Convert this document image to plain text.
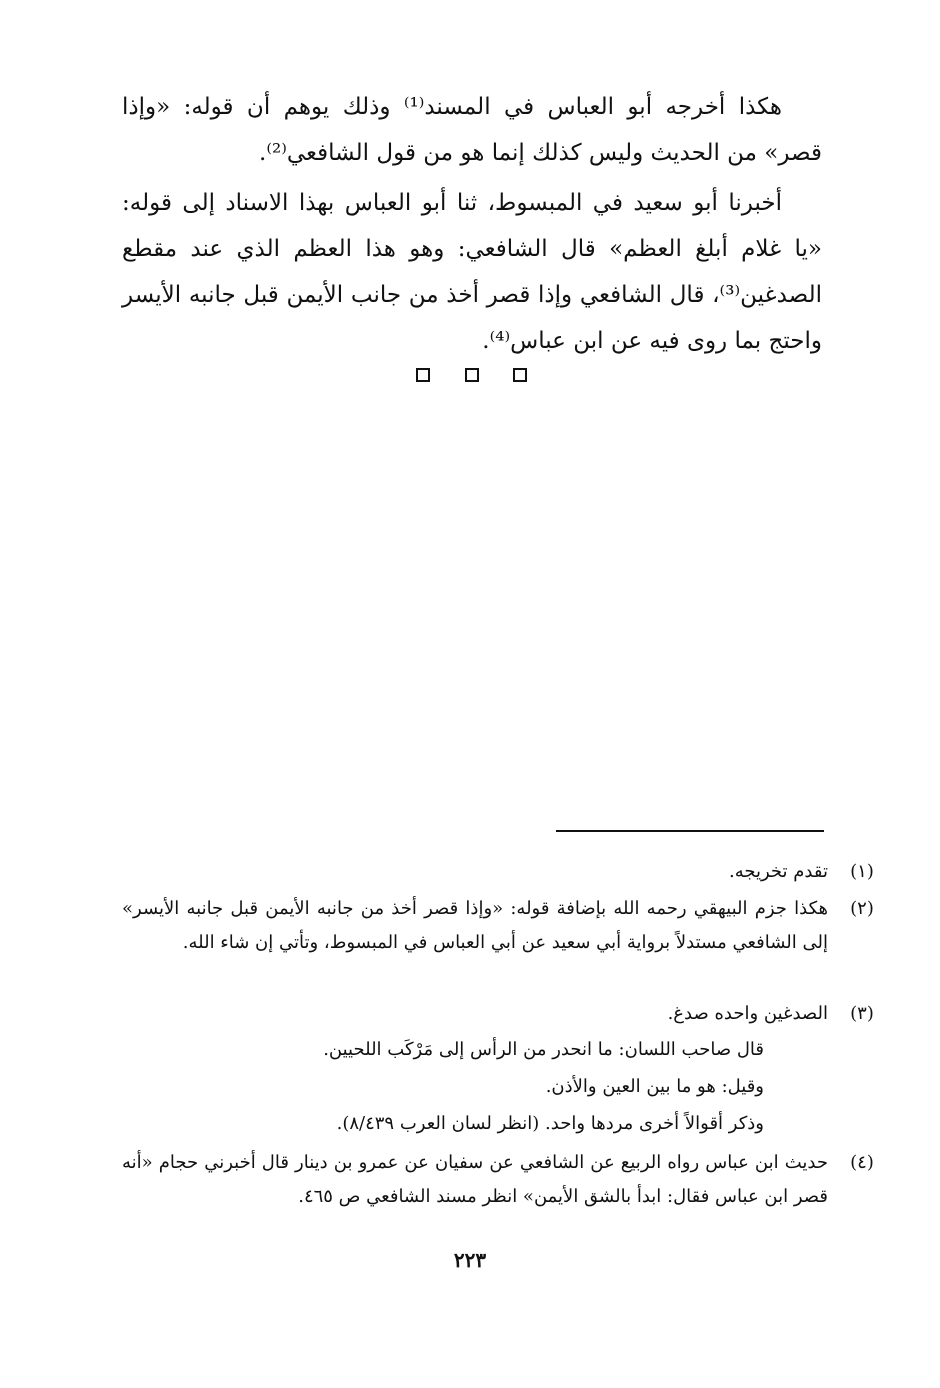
هكذا أخرجه أبو العباس في المسند⁽¹⁾ وذلك يوهم أن قوله: «وإذا قصر» من الحديث وليس كذلك إنما هو من قول الشافعي⁽²⁾.

أخبرنا أبو سعيد في المبسوط، ثنا أبو العباس بهذا الاسناد إلى قوله: «يا غلام أبلغ العظم» قال الشافعي: وهو هذا العظم الذي عند مقطع الصدغين⁽³⁾، قال الشافعي وإذا قصر أخذ من جانب الأيمن قبل جانبه الأيسر واحتج بما روى فيه عن ابن عباس⁽⁴⁾.

(١)

تقدم تخريجه.

(٢)

هكذا جزم البيهقي رحمه الله بإضافة قوله: «وإذا قصر أخذ من جانبه الأيمن قبل جانبه الأيسر» إلى الشافعي مستدلاً برواية أبي سعيد عن أبي العباس في المبسوط، وتأتي إن شاء الله.

(٣)

الصدغين واحده صدغ.

قال صاحب اللسان: ما انحدر من الرأس إلى مَرْكَب اللحيين.
وقيل: هو ما بين العين والأذن.
وذكر أقوالاً أخرى مردها واحد. (انظر لسان العرب ٨/٤٣٩).
(٤)

حديث ابن عباس رواه الربيع عن الشافعي عن سفيان عن عمرو بن دينار قال أخبرني حجام «أنه قصر ابن عباس فقال: ابدأ بالشق الأيمن» انظر مسند الشافعي ص ٤٦٥.

٢٢٣
